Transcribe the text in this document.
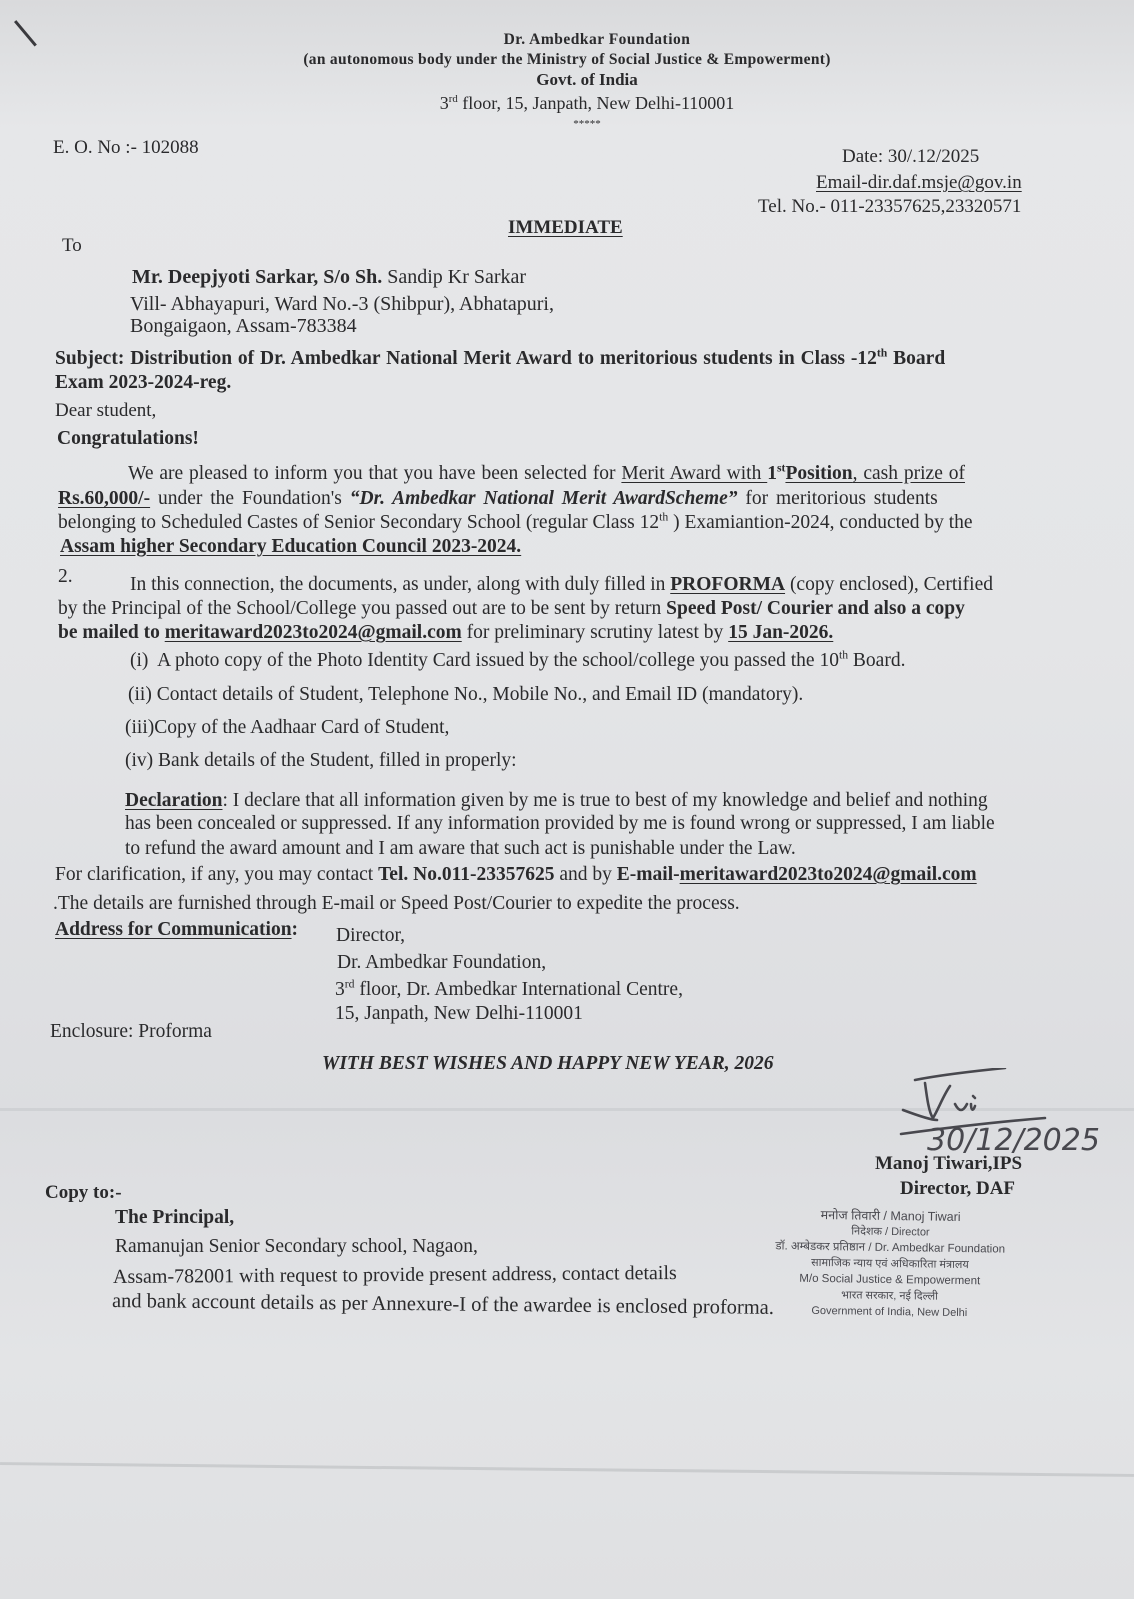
Dr. Ambedkar Foundation
(an autonomous body under the Ministry of Social Justice & Empowerment)
Govt. of India
3rd floor, 15, Janpath, New Delhi-110001
*****
E. O. No :- 102088	Date: 30/.12/2025
Email-dir.daf.msje@gov.in
Tel. No.- 011-23357625,23320571
IMMEDIATE
To
Mr. Deepjyoti Sarkar, S/o Sh. Sandip Kr Sarkar
Vill- Abhayapuri, Ward No.-3 (Shibpur), Abhatapuri,
Bongaigaon, Assam-783384
Subject: Distribution of Dr. Ambedkar National Merit Award to meritorious students in Class -12th Board
Exam 2023-2024-reg.
Dear student,
Congratulations!
We are pleased to inform you that you have been selected for Merit Award with 1stPosition, cash prize of
Rs.60,000/- under the Foundation's “Dr. Ambedkar National Merit AwardScheme” for meritorious students
belonging to Scheduled Castes of Senior Secondary School (regular Class 12th ) Examiantion-2024, conducted by the
Assam higher Secondary Education Council 2023-2024.
2.	In this connection, the documents, as under, along with duly filled in PROFORMA (copy enclosed), Certified
by the Principal of the School/College you passed out are to be sent by return Speed Post/ Courier and also a copy
be mailed to meritaward2023to2024@gmail.com for preliminary scrutiny latest by 15 Jan-2026.
(i) A photo copy of the Photo Identity Card issued by the school/college you passed the 10th Board.
(ii) Contact details of Student, Telephone No., Mobile No., and Email ID (mandatory).
(iii)Copy of the Aadhaar Card of Student,
(iv) Bank details of the Student, filled in properly:
Declaration: I declare that all information given by me is true to best of my knowledge and belief and nothing
has been concealed or suppressed. If any information provided by me is found wrong or suppressed, I am liable
to refund the award amount and I am aware that such act is punishable under the Law.
For clarification, if any, you may contact Tel. No.011-23357625 and by E-mail-meritaward2023to2024@gmail.com
.The details are furnished through E-mail or Speed Post/Courier to expedite the process.
Address for Communication: Director,
Dr. Ambedkar Foundation,
3rd floor, Dr. Ambedkar International Centre,
15, Janpath, New Delhi-110001
Enclosure: Proforma
WITH BEST WISHES AND HAPPY NEW YEAR, 2026
30/12/2025
Manoj Tiwari,IPS
Director, DAF
मनोज तिवारी / Manoj Tiwari
निदेशक / Director
डॉ. अम्बेडकर प्रतिष्ठान / Dr. Ambedkar Foundation
सामाजिक न्याय एवं अधिकारिता मंत्रालय
M/o Social Justice & Empowerment
भारत सरकार, नई दिल्ली
Government of India, New Delhi
Copy to:-
The Principal,
Ramanujan Senior Secondary school, Nagaon,
Assam-782001 with request to provide present address, contact details
and bank account details as per Annexure-I of the awardee is enclosed proforma.
